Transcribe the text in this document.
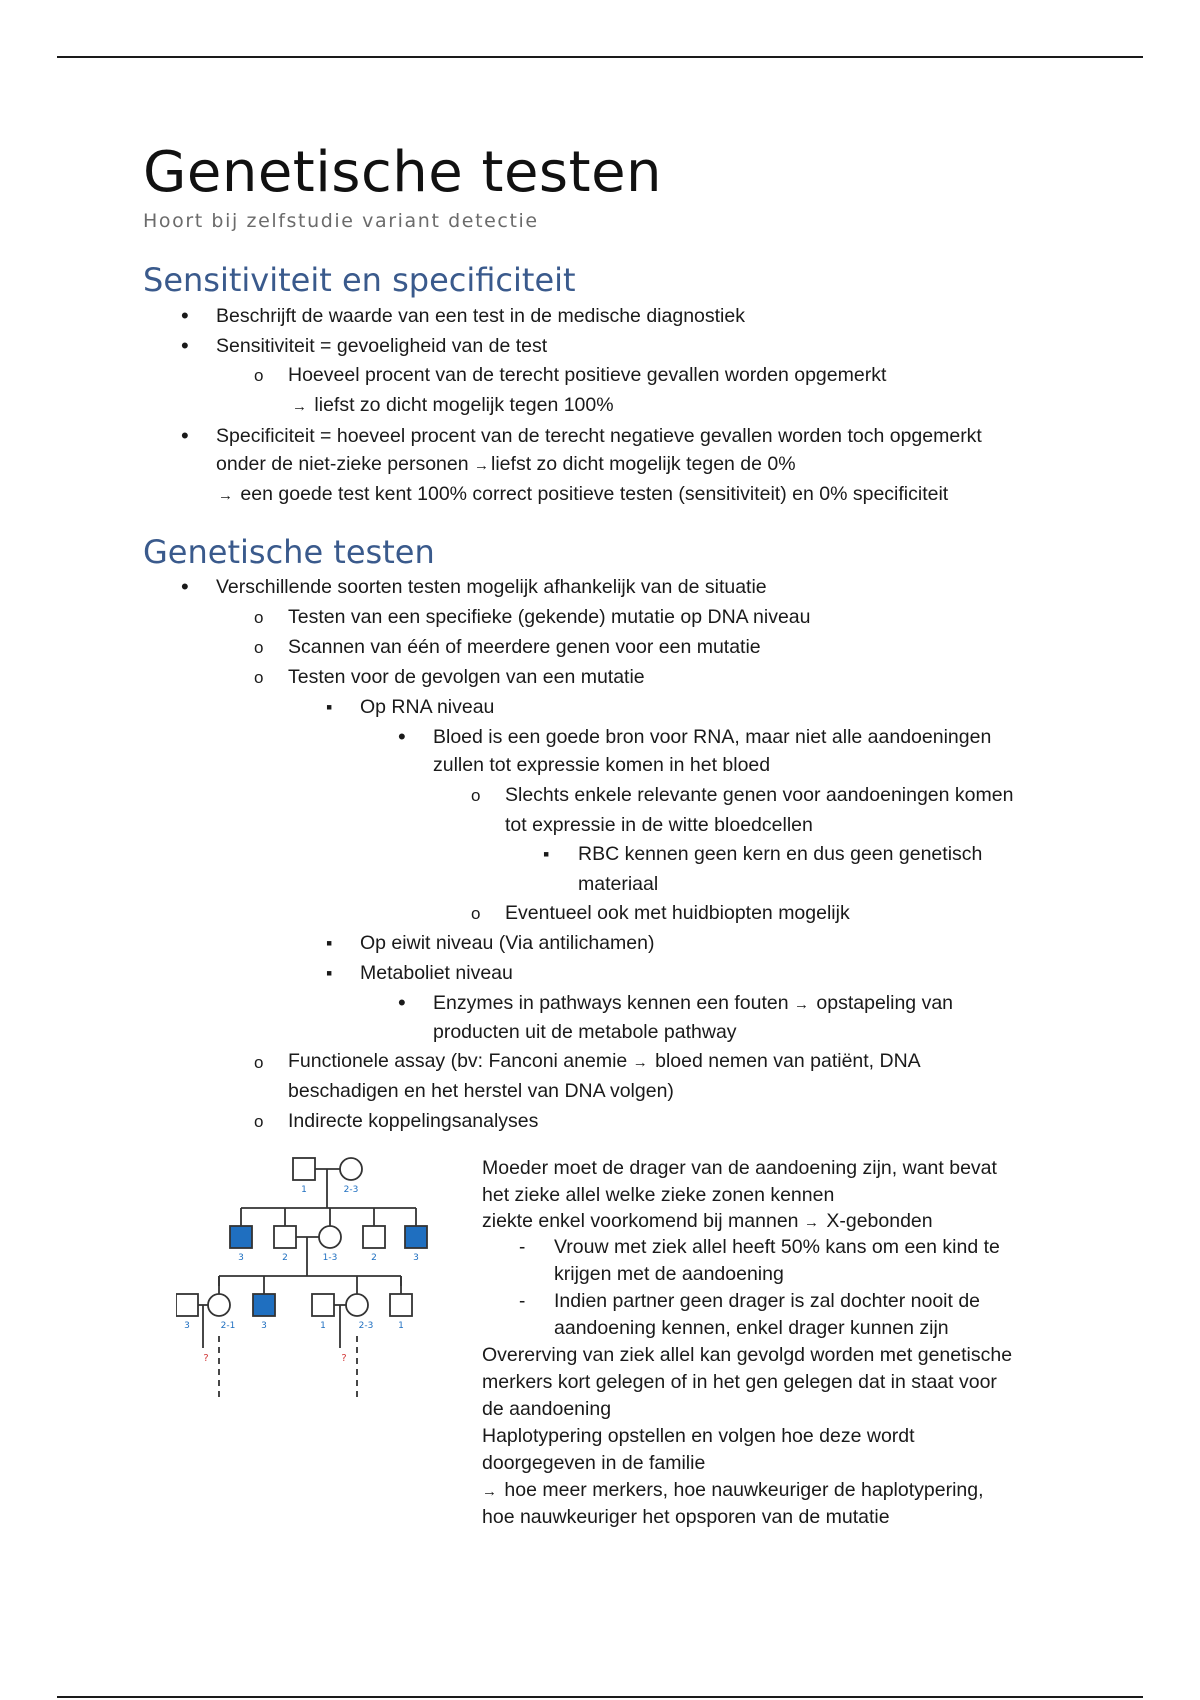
Genetische testen

Hoort bij zelfstudie variant detectie

Sensitiviteit en specificiteit
•
Beschrijft de waarde van een test in de medische diagnostiek
•
Sensitiviteit = gevoeligheid van de test
o
Hoeveel procent van de terecht positieve gevallen worden opgemerkt
→ liefst zo dicht mogelijk tegen 100%
•
Specificiteit = hoeveel procent van de terecht negatieve gevallen worden toch opgemerkt
onder de niet-zieke personen → liefst zo dicht mogelijk tegen de 0%
→ een goede test kent 100% correct positieve testen (sensitiviteit) en 0% specificiteit
Genetische testen
•
Verschillende soorten testen mogelijk afhankelijk van de situatie
o
Testen van een specifieke (gekende) mutatie op DNA niveau
o
Scannen van één of meerdere genen voor een mutatie
o
Testen voor de gevolgen van een mutatie
▪
Op RNA niveau
•
Bloed is een goede bron voor RNA, maar niet alle aandoeningen
zullen tot expressie komen in het bloed
o
Slechts enkele relevante genen voor aandoeningen komen
tot expressie in de witte bloedcellen
▪
RBC kennen geen kern en dus geen genetisch
materiaal
o
Eventueel ook met huidbiopten mogelijk
▪
Op eiwit niveau (Via antilichamen)
▪
Metaboliet niveau
•
Enzymes in pathways kennen een fouten → opstapeling van
producten uit de metabole pathway
o
Functionele assay (bv: Fanconi anemie → bloed nemen van patiënt, DNA
beschadigen en het herstel van DNA volgen)
o
Indirecte koppelingsanalyses
1	2-3
3	2	1-3	2	3
3	2-1	3	1	2-3	1
?	?
Moeder moet de drager van de aandoening zijn, want bevat
het zieke allel welke zieke zonen kennen
ziekte enkel voorkomend bij mannen → X-gebonden
-
Vrouw met ziek allel heeft 50% kans om een kind te
krijgen met de aandoening
-
Indien partner geen drager is zal dochter nooit de
aandoening kennen, enkel drager kunnen zijn
Overerving van ziek allel kan gevolgd worden met genetische
merkers kort gelegen of in het gen gelegen dat in staat voor
de aandoening
Haplotypering opstellen en volgen hoe deze wordt
doorgegeven in de familie
→ hoe meer merkers, hoe nauwkeuriger de haplotypering,
hoe nauwkeuriger het opsporen van de mutatie
